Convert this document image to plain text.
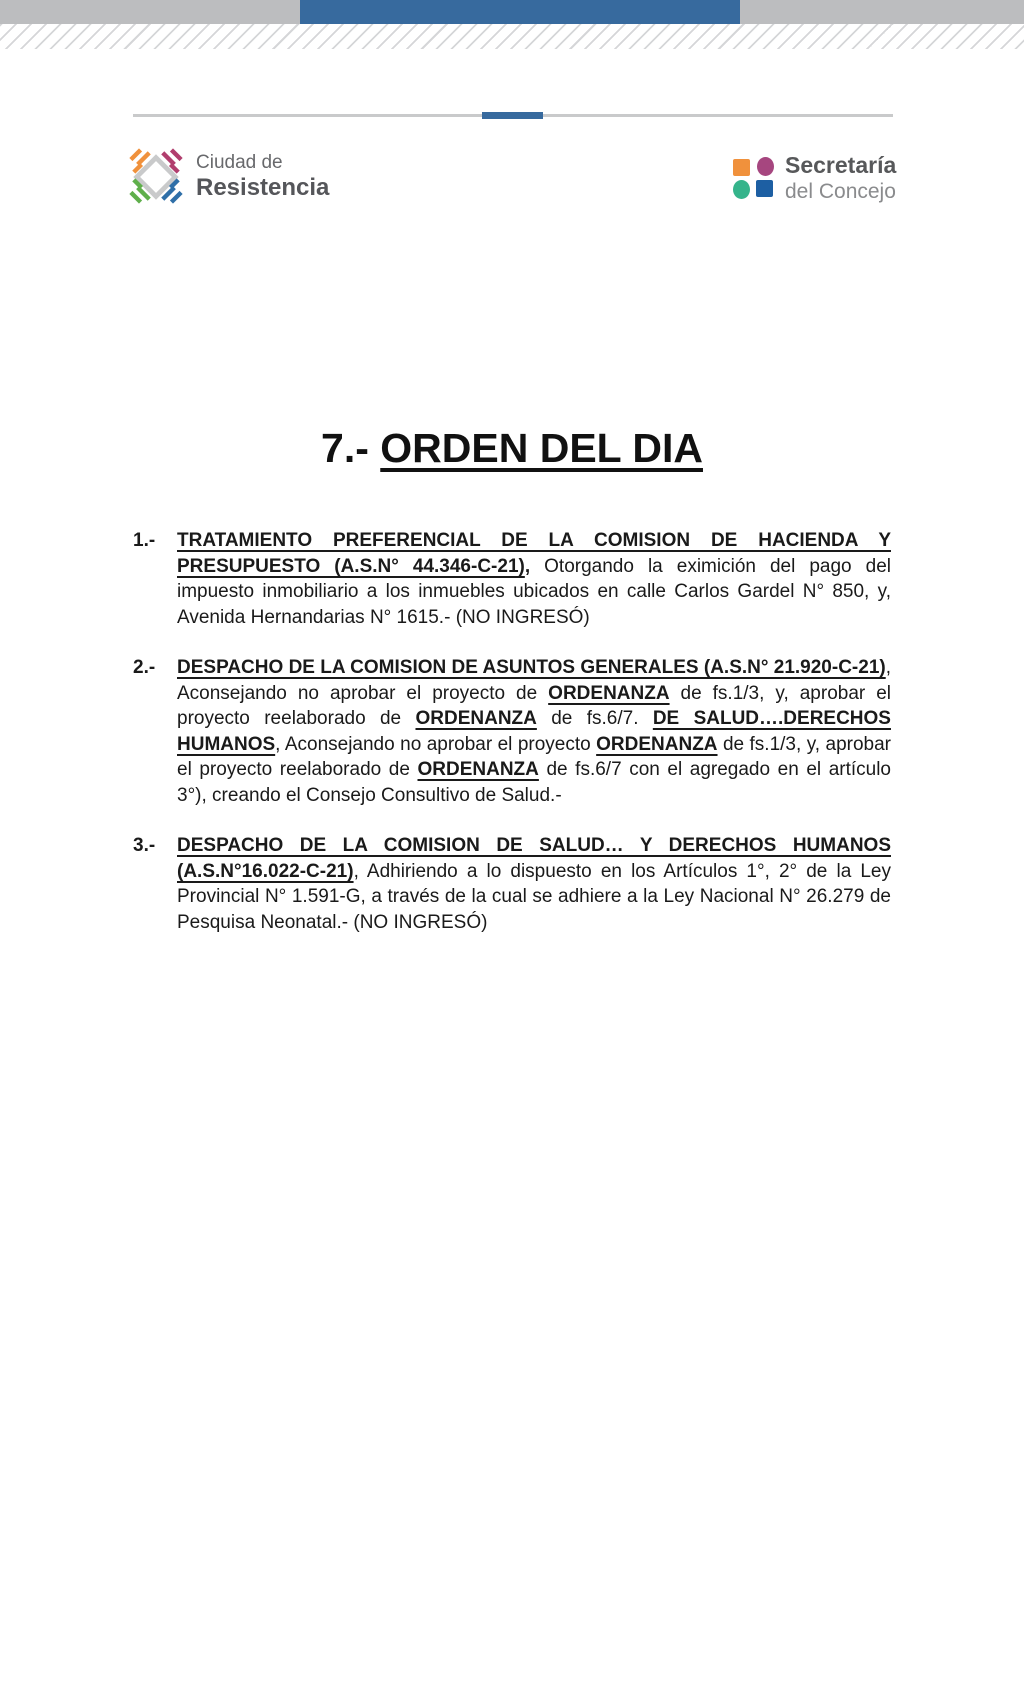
Ciudad de
Resistencia
Secretaría
del Concejo
7.- ORDEN DEL DIA

1.- TRATAMIENTO PREFERENCIAL DE LA COMISION DE HACIENDA Y PRESUPUESTO (A.S.N° 44.346-C-21), Otorgando la eximición del pago del impuesto inmobiliario a los inmuebles ubicados en calle Carlos Gardel N° 850, y, Avenida Hernandarias N° 1615.- (NO INGRESÓ)

2.- DESPACHO DE LA COMISION DE ASUNTOS GENERALES (A.S.N° 21.920-C-21), Aconsejando no aprobar el proyecto de ORDENANZA de fs.1/3, y, aprobar el proyecto reelaborado de ORDENANZA de fs.6/7. DE SALUD….DERECHOS HUMANOS, Aconsejando no aprobar el proyecto ORDENANZA de fs.1/3, y, aprobar el proyecto reelaborado de ORDENANZA de fs.6/7 con el agregado en el artículo 3°), creando el Consejo Consultivo de Salud.-

3.- DESPACHO DE LA COMISION DE SALUD… Y DERECHOS HUMANOS (A.S.N°16.022-C-21), Adhiriendo a lo dispuesto en los Artículos 1°, 2° de la Ley Provincial N° 1.591-G, a través de la cual se adhiere a la Ley Nacional N° 26.279 de Pesquisa Neonatal.- (NO INGRESÓ)
